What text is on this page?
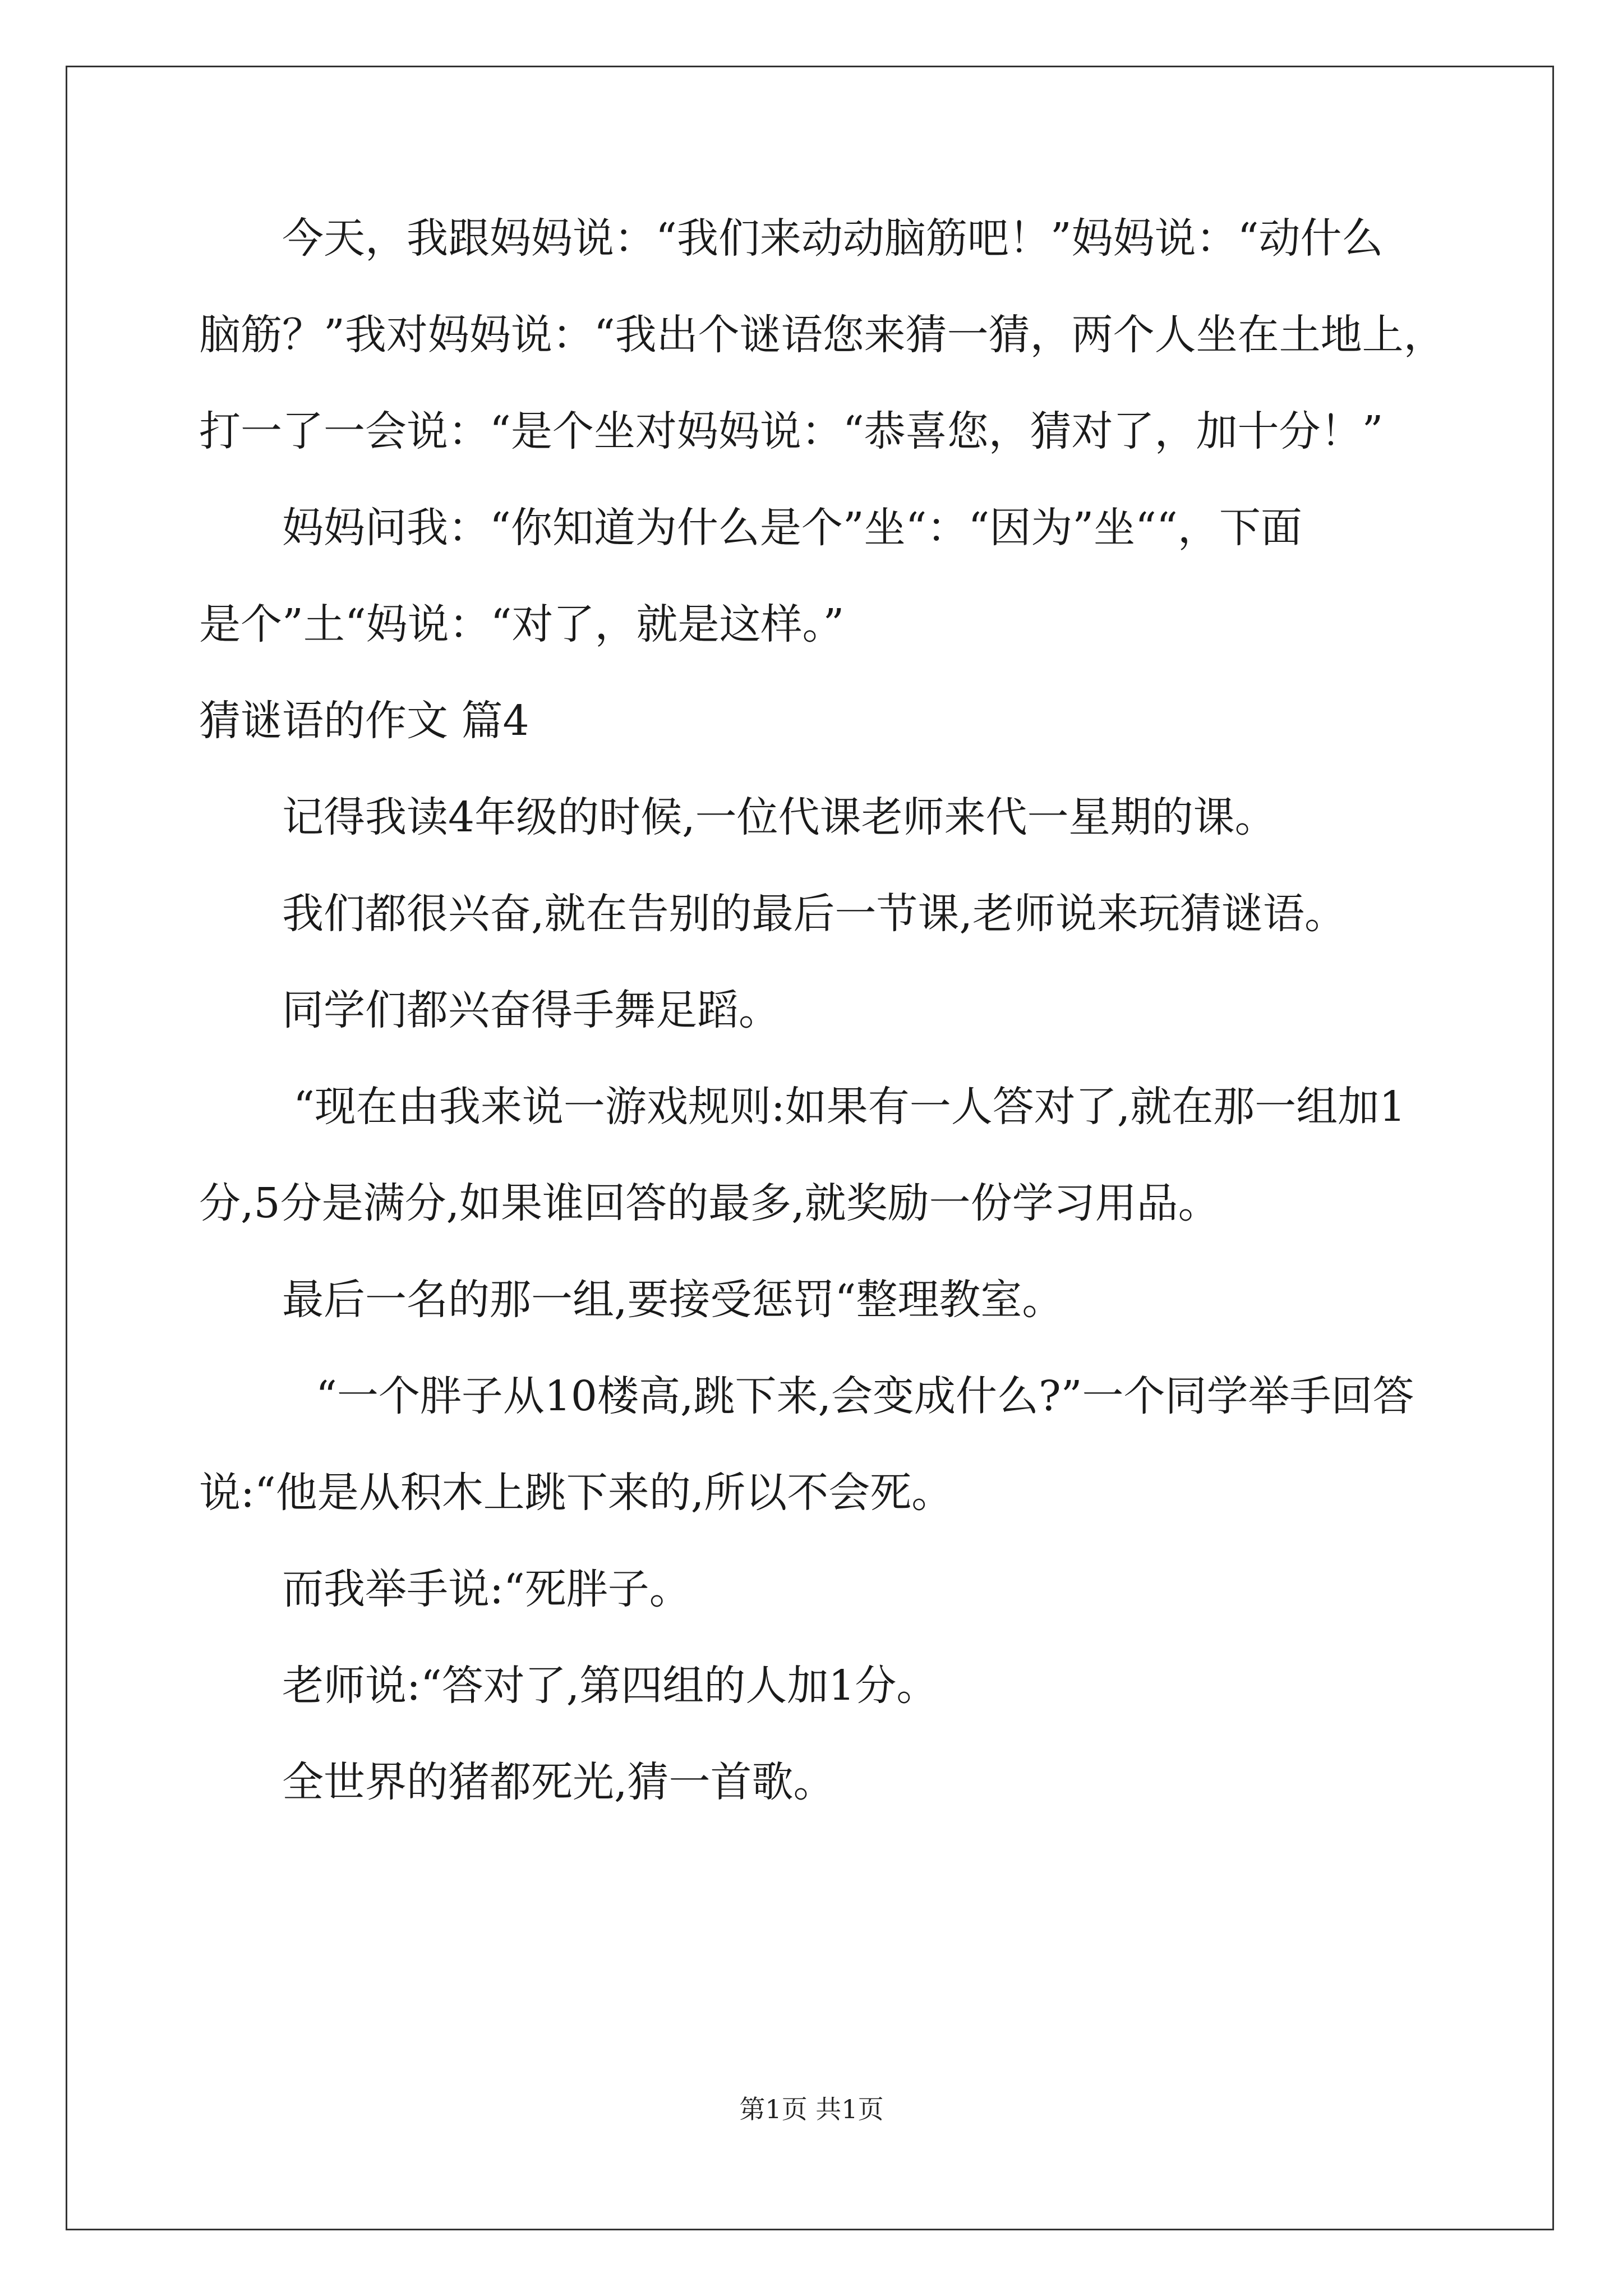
今天，我跟妈妈说：“我们来动动脑筋吧！”妈妈说：“动什么
脑筋？”我对妈妈说：“我出个谜语您来猜一猜，两个人坐在土地上，
打一了一会说：“是个坐对妈妈说：“恭喜您，猜对了，加十分！”
妈妈问我：“你知道为什么是个”坐“：“因为”坐““，下面
是个”土“妈说：“对了，就是这样。”
猜谜语的作文 篇4
记得我读4年级的时候,一位代课老师来代一星期的课。
我们都很兴奋,就在告别的最后一节课,老师说来玩猜谜语。
同学们都兴奋得手舞足蹈。
“现在由我来说一游戏规则:如果有一人答对了,就在那一组加1
分,5分是满分,如果谁回答的最多,就奖励一份学习用品。
最后一名的那一组,要接受惩罚“整理教室。
“一个胖子从10楼高,跳下来,会变成什么?”一个同学举手回答
说:“他是从积木上跳下来的,所以不会死。
而我举手说:“死胖子。
老师说:“答对了,第四组的人加1分。
全世界的猪都死光,猜一首歌。
第1页 共1页
